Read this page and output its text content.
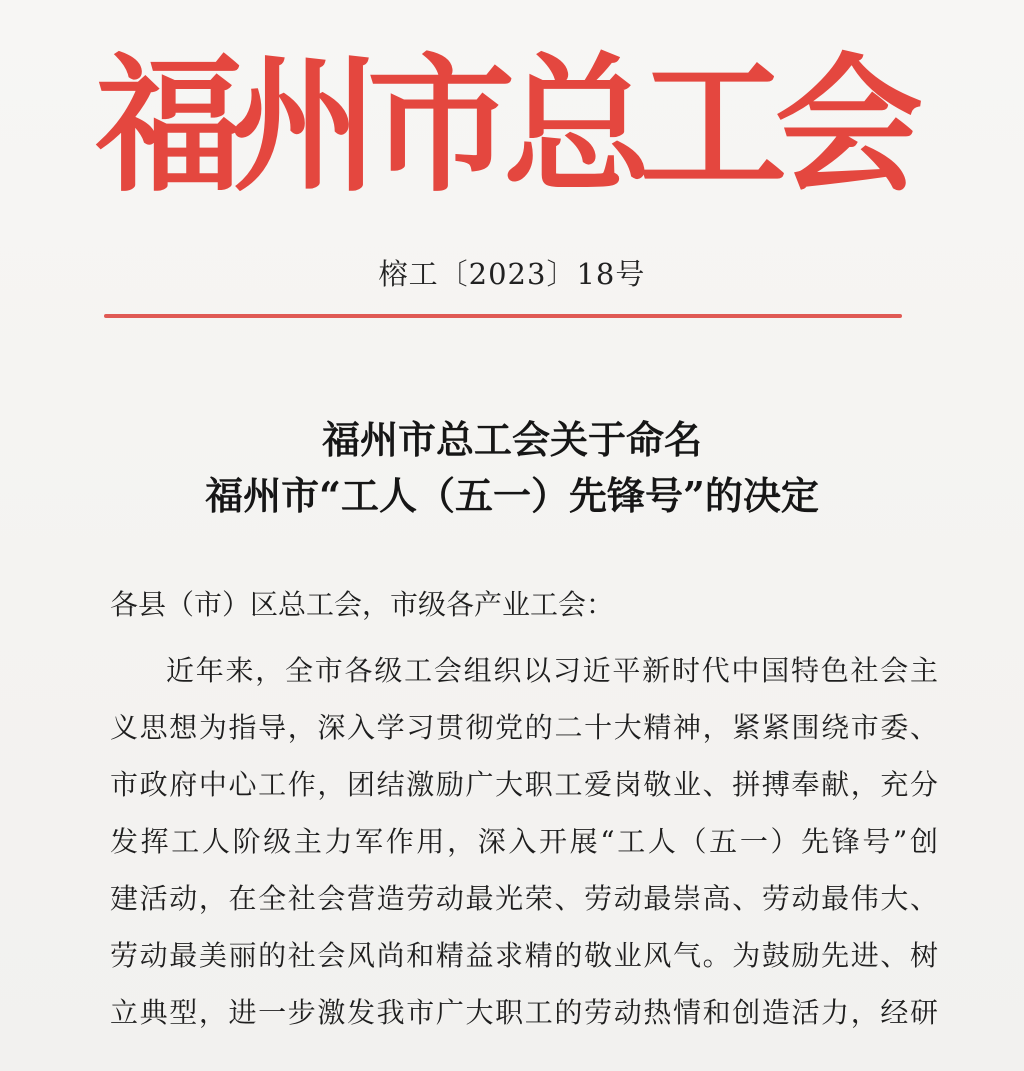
福州市总工会
榕工〔2023〕18号
福州市总工会关于命名
福州市“工人（五一）先锋号”的决定
各县（市）区总工会，市级各产业工会：
近年来，全市各级工会组织以习近平新时代中国特色社会主
义思想为指导，深入学习贯彻党的二十大精神，紧紧围绕市委、
市政府中心工作，团结激励广大职工爱岗敬业、拼搏奉献，充分
发挥工人阶级主力军作用，深入开展“工人（五一）先锋号”创
建活动，在全社会营造劳动最光荣、劳动最崇高、劳动最伟大、
劳动最美丽的社会风尚和精益求精的敬业风气。为鼓励先进、树
立典型，进一步激发我市广大职工的劳动热情和创造活力，经研
